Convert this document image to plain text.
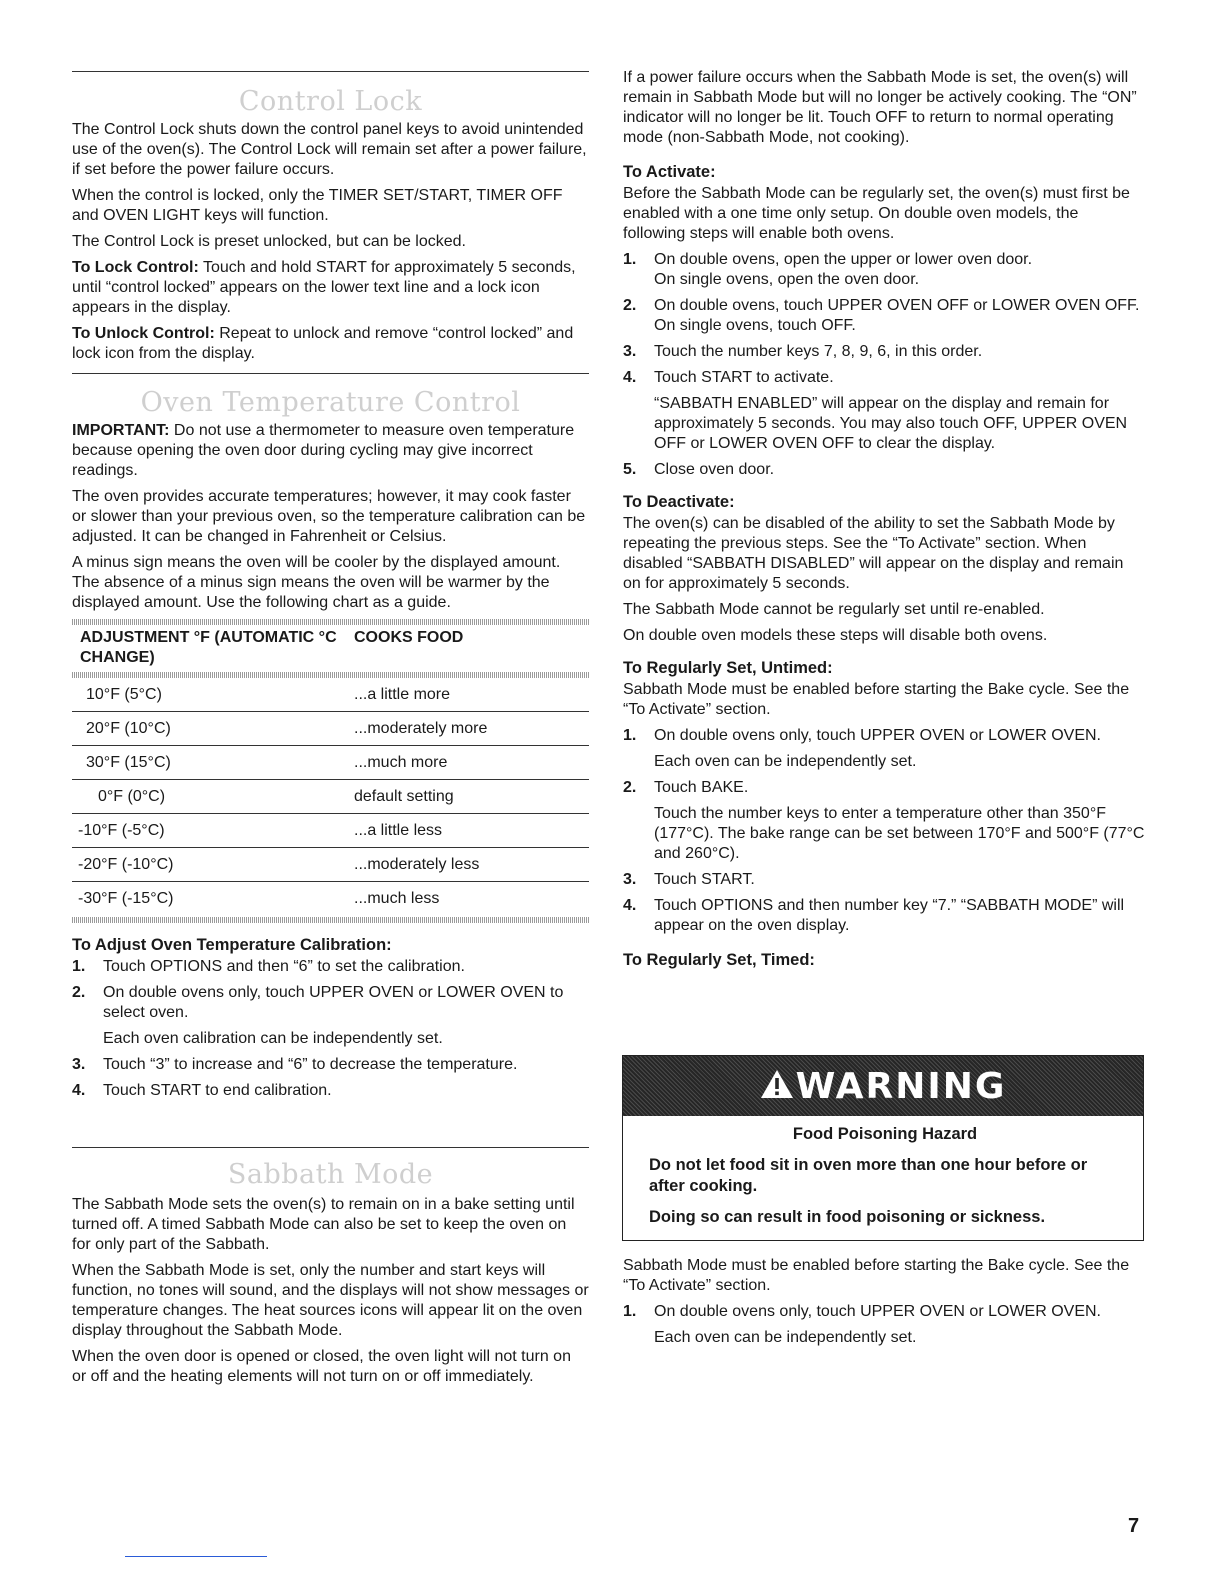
Control Lock

The Control Lock shuts down the control panel keys to avoid unintended use of the oven(s). The Control Lock will remain set after a power failure, if set before the power failure occurs.

When the control is locked, only the TIMER SET/START, TIMER OFF and OVEN LIGHT keys will function.

The Control Lock is preset unlocked, but can be locked.

To Lock Control: Touch and hold START for approximately 5 seconds, until “control locked” appears on the lower text line and a lock icon appears in the display.

To Unlock Control: Repeat to unlock and remove “control locked” and lock icon from the display.

Oven Temperature Control

IMPORTANT: Do not use a thermometer to measure oven temperature because opening the oven door during cycling may give incorrect readings.

The oven provides accurate temperatures; however, it may cook faster or slower than your previous oven, so the temperature calibration can be adjusted. It can be changed in Fahrenheit or Celsius.

A minus sign means the oven will be cooler by the displayed amount. The absence of a minus sign means the oven will be warmer by the displayed amount. Use the following chart as a guide.

ADJUSTMENT °F (AUTOMATIC °C CHANGE)	COOKS FOOD

10°F (5°C)	...a little more
20°F (10°C)	...moderately more
30°F (15°C)	...much more
0°F (0°C)	default setting
-10°F (-5°C)	...a little less
-20°F (-10°C)	...moderately less
-30°F (-15°C)	...much less
To Adjust Oven Temperature Calibration:
1. Touch OPTIONS and then “6” to set the calibration.
2. On double ovens only, touch UPPER OVEN or LOWER OVEN to select oven.
Each oven calibration can be independently set.
3. Touch “3” to increase and “6” to decrease the temperature.
4. Touch START to end calibration.
Sabbath Mode

The Sabbath Mode sets the oven(s) to remain on in a bake setting until turned off. A timed Sabbath Mode can also be set to keep the oven on for only part of the Sabbath.

When the Sabbath Mode is set, only the number and start keys will function, no tones will sound, and the displays will not show messages or temperature changes. The heat sources icons will appear lit on the oven display throughout the Sabbath Mode.

When the oven door is opened or closed, the oven light will not turn on or off and the heating elements will not turn on or off immediately.

If a power failure occurs when the Sabbath Mode is set, the oven(s) will remain in Sabbath Mode but will no longer be actively cooking. The “ON” indicator will no longer be lit. Touch OFF to return to normal operating mode (non-Sabbath Mode, not cooking).

To Activate:

Before the Sabbath Mode can be regularly set, the oven(s) must first be enabled with a one time only setup. On double oven models, the following steps will enable both ovens.

1. On double ovens, open the upper or lower oven door.
On single ovens, open the oven door.
2. On double ovens, touch UPPER OVEN OFF or LOWER OVEN OFF.
On single ovens, touch OFF.
3. Touch the number keys 7, 8, 9, 6, in this order.
4. Touch START to activate.
“SABBATH ENABLED” will appear on the display and remain for approximately 5 seconds. You may also touch OFF, UPPER OVEN OFF or LOWER OVEN OFF to clear the display.
5. Close oven door.
To Deactivate:

The oven(s) can be disabled of the ability to set the Sabbath Mode by repeating the previous steps. See the “To Activate” section. When disabled “SABBATH DISABLED” will appear on the display and remain on for approximately 5 seconds.

The Sabbath Mode cannot be regularly set until re-enabled.

On double oven models these steps will disable both ovens.

To Regularly Set, Untimed:

Sabbath Mode must be enabled before starting the Bake cycle. See the “To Activate” section.

1. On double ovens only, touch UPPER OVEN or LOWER OVEN.
Each oven can be independently set.
2. Touch BAKE.
Touch the number keys to enter a temperature other than 350°F (177°C). The bake range can be set between 170°F and 500°F (77°C and 260°C).
3. Touch START.
4. Touch OPTIONS and then number key “7.” “SABBATH MODE” will appear on the oven display.
To Regularly Set, Timed:

Sabbath Mode must be enabled before starting the Bake cycle. See the “To Activate” section.

1. On double ovens only, touch UPPER OVEN or LOWER OVEN.
Each oven can be independently set.
WARNING
Food Poisoning Hazard
Do not let food sit in oven more than one hour before or after cooking.
Doing so can result in food poisoning or sickness.
7
